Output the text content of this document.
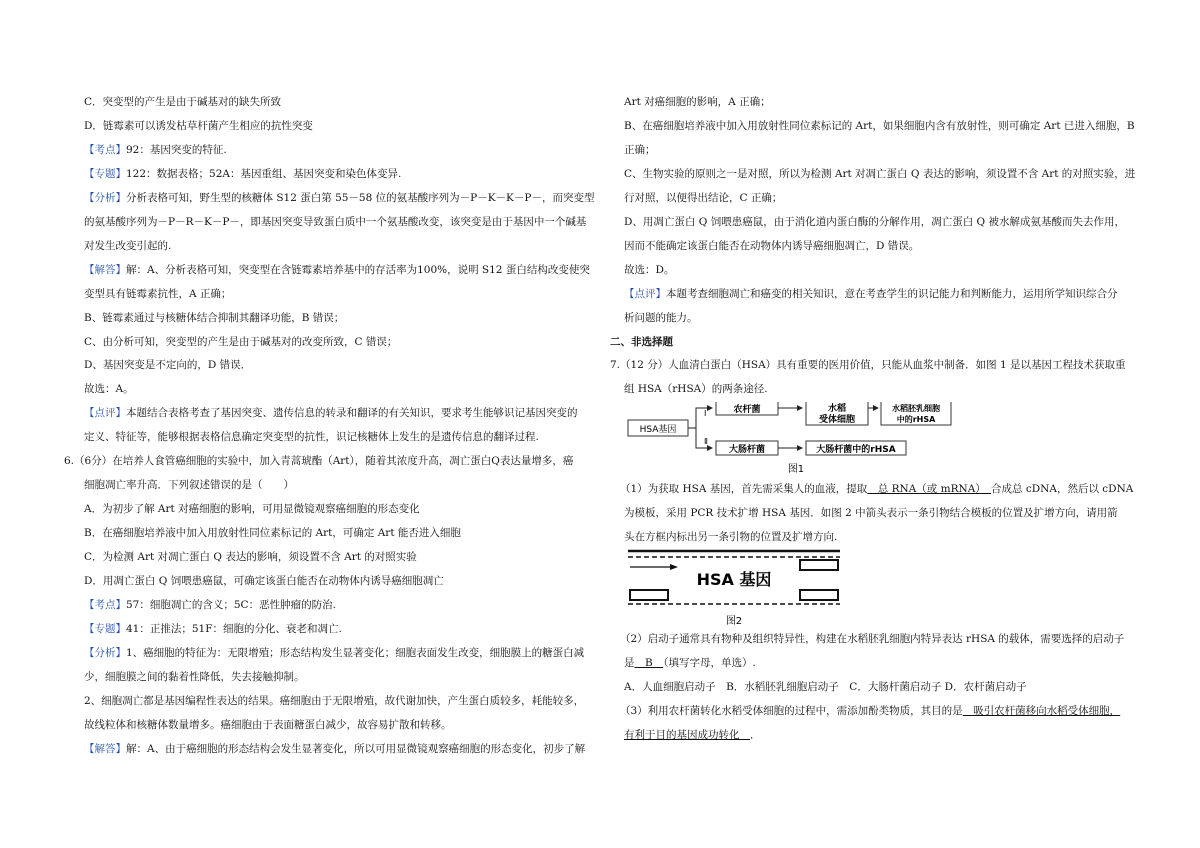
C．突变型的产生是由于碱基对的缺失所致
D．链霉素可以诱发枯草杆菌产生相应的抗性突变
【考点】92：基因突变的特征.
【专题】122：数据表格；52A：基因重组、基因突变和染色体变异.
【分析】分析表格可知，野生型的核糖体 S12 蛋白第 55－58 位的氨基酸序列为－P－K－K－P－，而突变型
的氨基酸序列为－P－R－K－P－，即基因突变导致蛋白质中一个氨基酸改变，该突变是由于基因中一个碱基
对发生改变引起的.
【解答】解：A、分析表格可知，突变型在含链霉素培养基中的存活率为100%，说明 S12 蛋白结构改变使突
变型具有链霉素抗性，A 正确；
B、链霉素通过与核糖体结合抑制其翻译功能，B 错误；
C、由分析可知，突变型的产生是由于碱基对的改变所致，C 错误；
D、基因突变是不定向的，D 错误．
故选：A。
【点评】本题结合表格考查了基因突变、遗传信息的转录和翻译的有关知识，要求考生能够识记基因突变的
定义、特征等，能够根据表格信息确定突变型的抗性，识记核糖体上发生的是遗传信息的翻译过程.
6.（6分）在培养人食管癌细胞的实验中，加入青蒿琥酯（Art），随着其浓度升高，凋亡蛋白Q表达量增多，癌
细胞凋亡率升高．下列叙述错误的是（　　）
A．为初步了解 Art 对癌细胞的影响，可用显微镜观察癌细胞的形态变化
B．在癌细胞培养液中加入用放射性同位素标记的 Art，可确定 Art 能否进入细胞
C．为检测 Art 对凋亡蛋白 Q 表达的影响，须设置不含 Art 的对照实验
D．用凋亡蛋白 Q 饲喂患癌鼠，可确定该蛋白能否在动物体内诱导癌细胞凋亡
【考点】57：细胞凋亡的含义；5C：恶性肿瘤的防治.
【专题】41：正推法；51F：细胞的分化、衰老和凋亡.
【分析】1、癌细胞的特征为：无限增殖；形态结构发生显著变化；细胞表面发生改变，细胞膜上的糖蛋白减
少，细胞膜之间的黏着性降低，失去接触抑制。
2、细胞凋亡都是基因编程性表达的结果。癌细胞由于无限增殖，故代谢加快，产生蛋白质较多，耗能较多，
故线粒体和核糖体数量增多。癌细胞由于表面糖蛋白减少，故容易扩散和转移。
【解答】解：A、由于癌细胞的形态结构会发生显著变化，所以可用显微镜观察癌细胞的形态变化，初步了解
Art 对癌细胞的影响，A 正确；
B、在癌细胞培养液中加入用放射性同位素标记的 Art，如果细胞内含有放射性，则可确定 Art 已进入细胞，B
正确；
C、生物实验的原则之一是对照，所以为检测 Art 对凋亡蛋白 Q 表达的影响，须设置不含 Art 的对照实验，进
行对照，以便得出结论，C 正确；
D、用凋亡蛋白 Q 饲喂患癌鼠，由于消化道内蛋白酶的分解作用，凋亡蛋白 Q 被水解成氨基酸而失去作用，
因而不能确定该蛋白能否在动物体内诱导癌细胞凋亡，D 错误。
故选：D。
【点评】本题考查细胞凋亡和癌变的相关知识，意在考查学生的识记能力和判断能力，运用所学知识综合分
析问题的能力。
二、非选择题
7.（12 分）人血清白蛋白（HSA）具有重要的医用价值，只能从血浆中制备．如图 1 是以基因工程技术获取重
组 HSA（rHSA）的两条途径.
HSA基因
Ⅰ
Ⅱ
农杆菌	水稻
受体细胞
水稻胚乳细胞
中的rHSA
大肠杆菌	大肠杆菌中的rHSA
图1
（1）为获取 HSA 基因，首先需采集人的血液，提取　总 RNA（或 mRNA）　合成总 cDNA，然后以 cDNA
为模板，采用 PCR 技术扩增 HSA 基因．如图 2 中箭头表示一条引物结合模板的位置及扩增方向，请用箭
头在方框内标出另一条引物的位置及扩增方向.
HSA 基因
图2
（2）启动子通常具有物种及组织特异性，构建在水稻胚乳细胞内特异表达 rHSA 的载体，需要选择的启动子
是　B　（填写字母，单选）.
A．人血细胞启动子　B．水稻胚乳细胞启动子　C．大肠杆菌启动子 D．农杆菌启动子
（3）利用农杆菌转化水稻受体细胞的过程中，需添加酚类物质，其目的是　吸引农杆菌移向水稻受体细胞，
有利于目的基因成功转化　．
